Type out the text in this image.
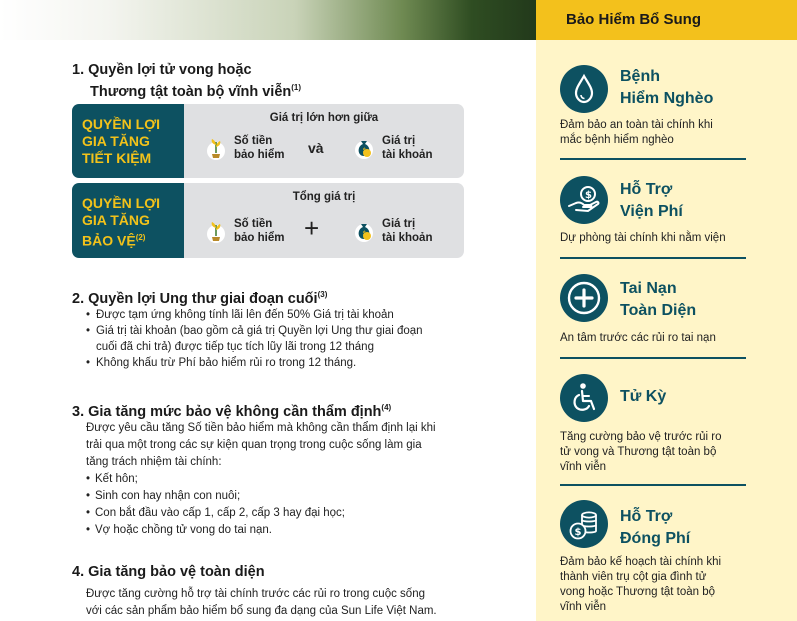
1. Quyền lợi tử vong hoặc
Thương tật toàn bộ vĩnh viễn$^{(1)}$
QUYỀN LỢI
GIA TĂNG
TIẾT KIỆM
Giá trị lớn hơn giữa
Số tiền
bảo hiểm và	$
Giá trị
tài khoản
QUYỀN LỢI
GIA TĂNG
BẢO VỆ$^{(2)}$
Tổng giá trị
Số tiền
bảo hiểm +	$
Giá trị
tài khoản
2. Quyền lợi Ung thư giai đoạn cuối$^{(3)}$
• Được tạm ứng không tính lãi lên đến 50% Giá trị tài khoản
• Giá trị tài khoản (bao gồm cả giá trị Quyền lợi Ung thư giai đoạn
cuối đã chi trả) được tiếp tục tích lũy lãi trong 12 tháng
• Không khấu trừ Phí bảo hiểm rủi ro trong 12 tháng.
3. Gia tăng mức bảo vệ không cần thẩm định$^{(4)}$
Được yêu cầu tăng Số tiền bảo hiểm mà không cần thẩm định lại khi
trải qua một trong các sự kiện quan trọng trong cuộc sống làm gia
tăng trách nhiệm tài chính:
• Kết hôn;
• Sinh con hay nhận con nuôi;
• Con bắt đầu vào cấp 1, cấp 2, cấp 3 hay đại học;
• Vợ hoặc chồng tử vong do tai nạn.
4. Gia tăng bảo vệ toàn diện
Được tăng cường hỗ trợ tài chính trước các rủi ro trong cuộc sống
với các sản phẩm bảo hiểm bổ sung đa dạng của Sun Life Việt Nam.
Bảo Hiểm Bổ Sung
Bệnh
Hiểm Nghèo
Đảm bảo an toàn tài chính khi
mắc bệnh hiểm nghèo
$ Hỗ Trợ
Viện Phí
Dự phòng tài chính khi nằm viện
Tai Nạn
Toàn Diện
An tâm trước các rủi ro tai nạn
Tử Kỳ
Tăng cường bảo vệ trước rủi ro
tử vong và Thương tật toàn bộ
vĩnh viễn
$
Hỗ Trợ
Đóng Phí
Đảm bảo kế hoạch tài chính khi
thành viên trụ cột gia đình tử
vong hoặc Thương tật toàn bộ
vĩnh viễn
